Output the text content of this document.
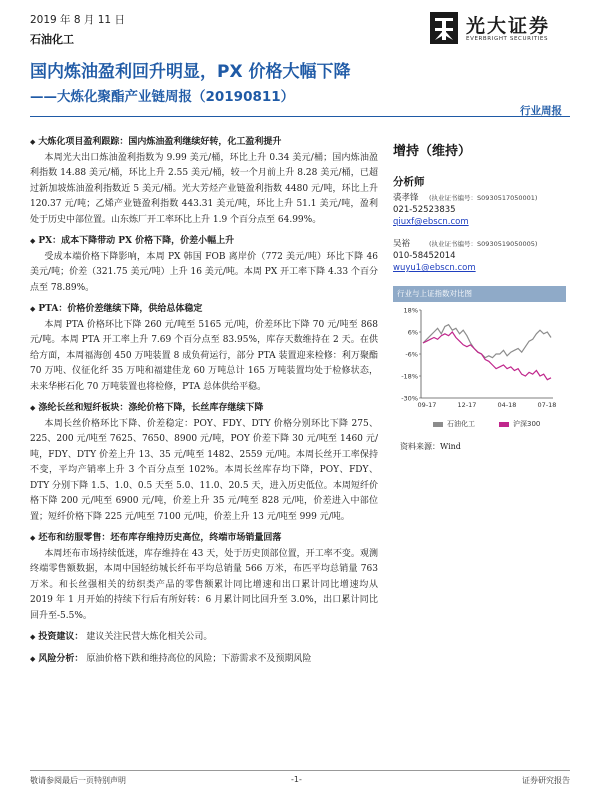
2019 年 8 月 11 日
石油化工
光大证券
EVERBRIGHT SECURITIES
国内炼油盈利回升明显，PX 价格大幅下降
——大炼化聚酯产业链周报（20190811）
行业周报
◆ 大炼化项目盈利跟踪：国内炼油盈利继续好转，化工盈利提升

本周光大出口炼油盈利指数为 9.99 美元/桶，环比上升 0.34 美元/桶；国内炼油盈利指数 14.88 美元/桶，环比上升 2.55 美元/桶，较一个月前上升 8.28 美元/桶，已超过新加坡炼油盈利指数近 5 美元/桶。光大芳烃产业链盈利指数 4480 元/吨，环比上升 120.37 元/吨；乙烯产业链盈利指数 443.31 美元/吨，环比上升 51.1 美元/吨，盈利处于历史中部位置。山东炼厂开工率环比上升 1.9 个百分点至 64.99%。

◆ PX：成本下降带动 PX 价格下降，价差小幅上升

受成本端价格下降影响，本周 PX 韩国 FOB 离岸价（772 美元/吨）环比下降 46 美元/吨；价差（321.75 美元/吨）上升 16 美元/吨。本周 PX 开工率下降 4.33 个百分点至 78.89%。

◆ PTA：价格价差继续下降，供给总体稳定

本周 PTA 价格环比下降 260 元/吨至 5165 元/吨，价差环比下降 70 元/吨至 868 元/吨。本周 PTA 开工率上升 7.69 个百分点至 83.95%，库存天数维持在 2 天。在供给方面，本周福海创 450 万吨装置 8 成负荷运行，部分 PTA 装置迎来检修：利万聚酯 70 万吨、仪征化纤 35 万吨和福建佳龙 60 万吨总计 165 万吨装置均处于检修状态，未来华彬石化 70 万吨装置也将检修，PTA 总体供给平稳。

◆ 涤纶长丝和短纤板块：涤纶价格下降，长丝库存继续下降

本周长丝价格环比下降、价差稳定：POY、FDY、DTY 价格分别环比下降 275、225、200 元/吨至 7625、7650、8900 元/吨，POY 价差下降 30 元/吨至 1460 元/吨，FDY、DTY 价差上升 13、35 元/吨至 1482、2559 元/吨。本周长丝开工率保持不变，平均产销率上升 3 个百分点至 102%。本周长丝库存均下降，POY、FDY、DTY 分别下降 1.5、1.0、0.5 天至 5.0、11.0、20.5 天，进入历史低位。本周短纤价格下降 200 元/吨至 6900 元/吨，价差上升 35 元/吨至 828 元/吨，价差进入中部位置；短纤价格下降 225 元/吨至 7100 元/吨，价差上升 13 元/吨至 999 元/吨。

◆ 坯布和纺服零售：坯布库存维持历史高位，终端市场销量回落

本周坯布市场持续低迷，库存维持在 43 天，处于历史顶部位置，开工率不变。观测终端零售额数据，本周中国轻纺城长纤布平均总销量 566 万米，布匹平均总销量 763 万米。和长丝强相关的纺织类产品的零售额累计同比增速和出口累计同比增速均从 2019 年 1 月开始的持续下行后有所好转：6 月累计同比回升至 3.0%，出口累计同比回升至-5.5%。

◆ 投资建议： 建议关注民营大炼化相关公司。
◆ 风险分析： 原油价格下跌和维持高位的风险；下游需求不及预期风险
增持（维持）
分析师
裘孝锋 (执业证书编号：S0930517050001)
021-52523835
qiuxf@ebscn.com
吴裕	(执业证书编号：S0930519050005)
010-58452014
wuyu1@ebscn.com
行业与上证指数对比图
18%
6%
-6%
-18%
-30%
09-17	12-17	04-18	07-18
石油化工	沪深300
资料来源：Wind
敬请参阅最后一页特别声明	-1-	证券研究报告
